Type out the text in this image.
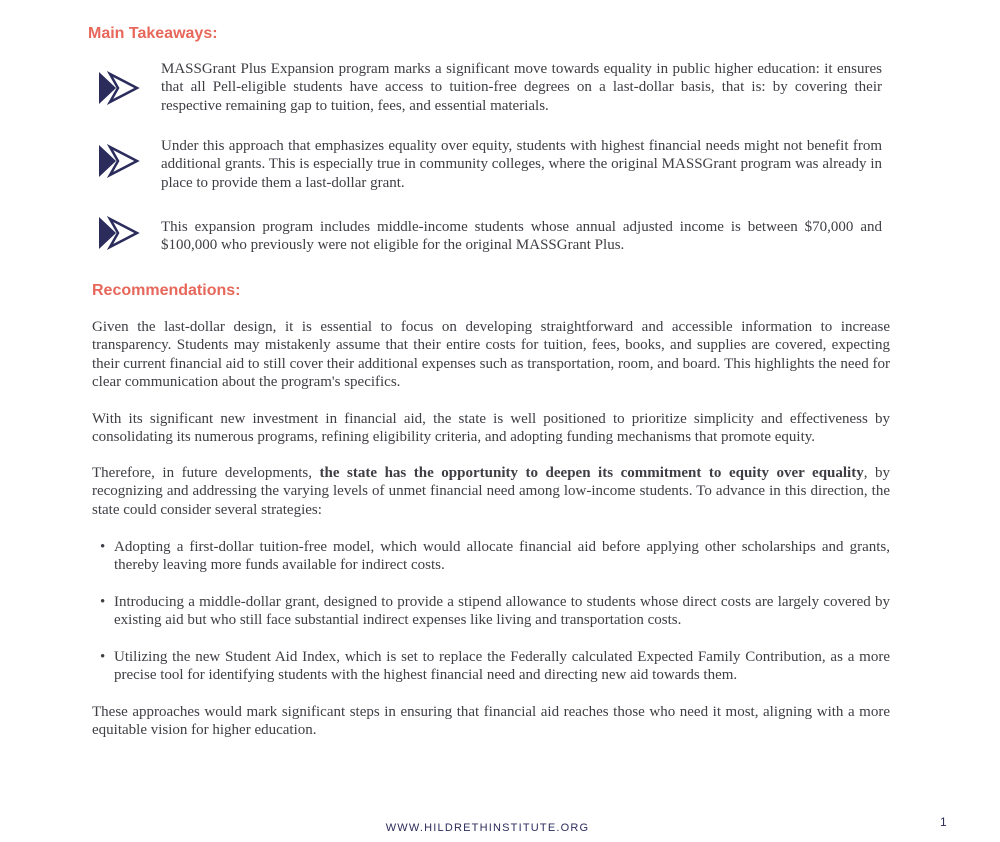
Main Takeaways:

MASSGrant Plus Expansion program marks a significant move towards equality in public higher education: it ensures that all Pell-eligible students have access to tuition-free degrees on a last-dollar basis, that is: by covering their respective remaining gap to tuition, fees, and essential materials.

Under this approach that emphasizes equality over equity, students with highest financial needs might not benefit from additional grants. This is especially true in community colleges, where the original MASSGrant program was already in place to provide them a last-dollar grant.

This expansion program includes middle-income students whose annual adjusted income is between $70,000 and $100,000 who previously were not eligible for the original MASSGrant Plus.

Recommendations:

Given the last-dollar design, it is essential to focus on developing straightforward and accessible information to increase transparency. Students may mistakenly assume that their entire costs for tuition, fees, books, and supplies are covered, expecting their current financial aid to still cover their additional expenses such as transportation, room, and board. This highlights the need for clear communication about the program's specifics.

With its significant new investment in financial aid, the state is well positioned to prioritize simplicity and effectiveness by consolidating its numerous programs, refining eligibility criteria, and adopting funding mechanisms that promote equity.

Therefore, in future developments, the state has the opportunity to deepen its commitment to equity over equality, by recognizing and addressing the varying levels of unmet financial need among low-income students. To advance in this direction, the state could consider several strategies:

• Adopting a first-dollar tuition-free model, which would allocate financial aid before applying other scholarships and grants, thereby leaving more funds available for indirect costs.

• Introducing a middle-dollar grant, designed to provide a stipend allowance to students whose direct costs are largely covered by existing aid but who still face substantial indirect expenses like living and transportation costs.

• Utilizing the new Student Aid Index, which is set to replace the Federally calculated Expected Family Contribution, as a more precise tool for identifying students with the highest financial need and directing new aid towards them.

These approaches would mark significant steps in ensuring that financial aid reaches those who need it most, aligning with a more equitable vision for higher education.

WWW.HILDRETHINSTITUTE.ORG	1
